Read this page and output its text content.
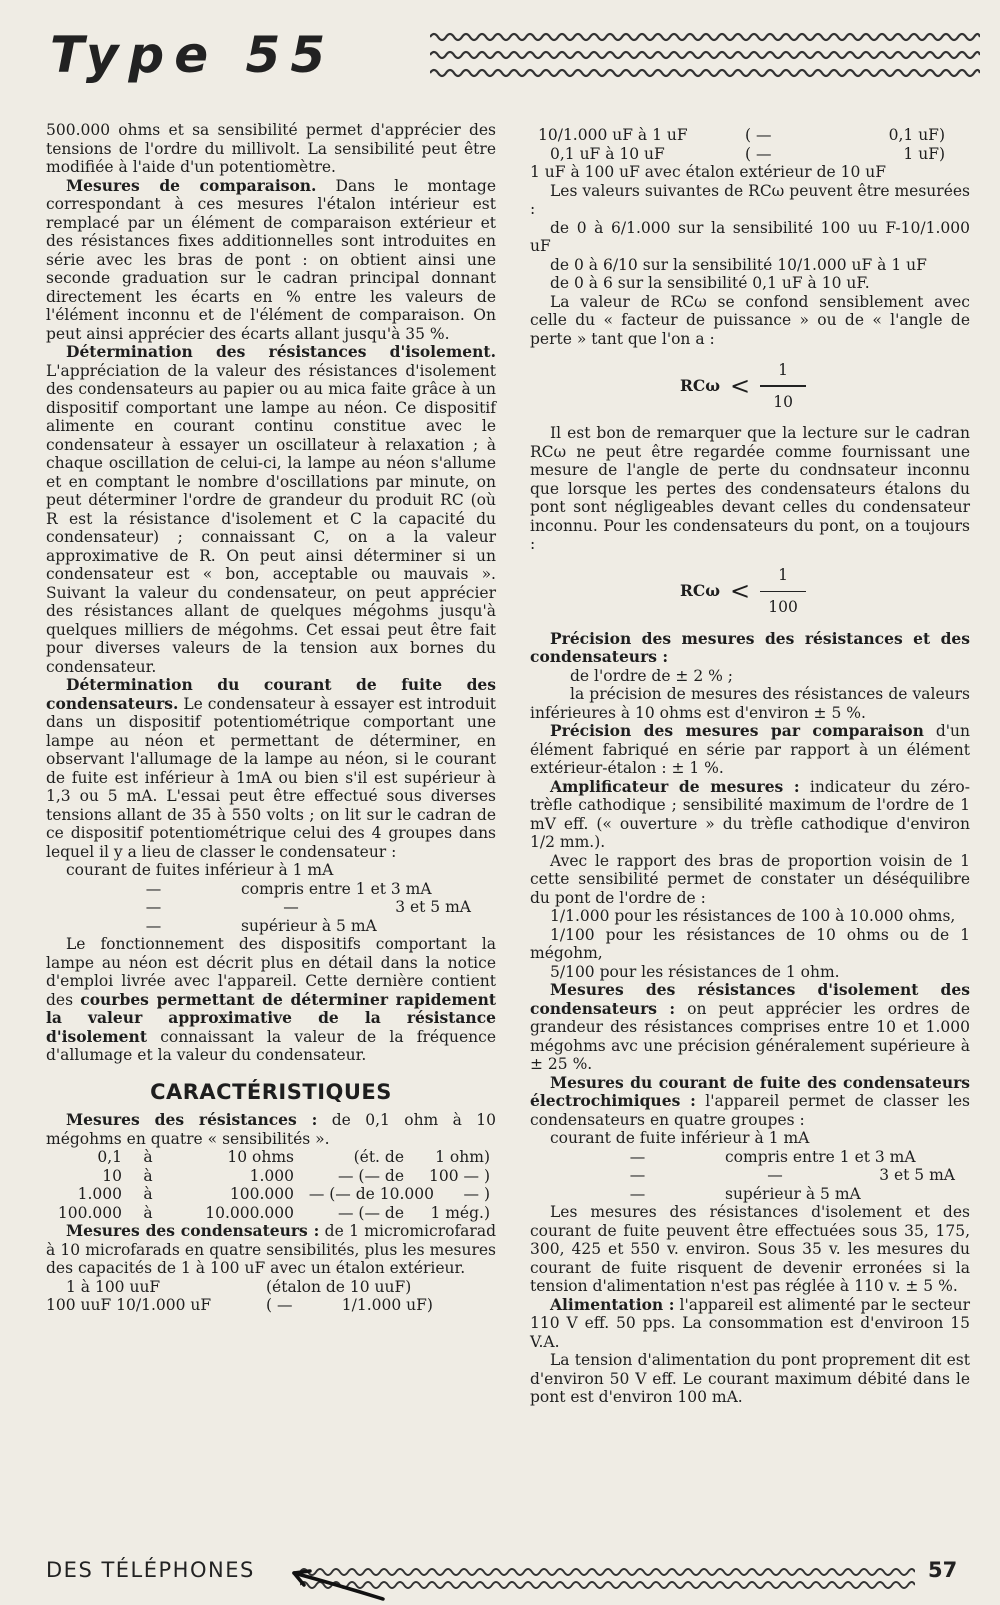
Type 55

500.000 ohms et sa sensibilité permet d'apprécier des tensions de l'ordre du millivolt. La sensibilité peut être modifiée à l'aide d'un potentiomètre.

Mesures de comparaison. Dans le montage correspondant à ces mesures l'étalon intérieur est remplacé par un élément de comparaison extérieur et des résistances fixes additionnelles sont introduites en série avec les bras de pont : on obtient ainsi une seconde graduation sur le cadran principal donnant directement les écarts en % entre les valeurs de l'élément inconnu et de l'élément de comparaison. On peut ainsi apprécier des écarts allant jusqu'à 35 %.

Détermination des résistances d'isolement. L'appréciation de la valeur des résistances d'isolement des condensateurs au papier ou au mica faite grâce à un dispositif comportant une lampe au néon. Ce dispositif alimente en courant continu constitue avec le condensateur à essayer un oscillateur à relaxation ; à chaque oscillation de celui-ci, la lampe au néon s'allume et en comptant le nombre d'oscillations par minute, on peut déterminer l'ordre de grandeur du produit RC (où R est la résistance d'isolement et C la capacité du condensateur) ; connaissant C, on a la valeur approximative de R. On peut ainsi déterminer si un condensateur est « bon, acceptable ou mauvais ». Suivant la valeur du condensateur, on peut apprécier des résistances allant de quelques mégohms jusqu'à quelques milliers de mégohms. Cet essai peut être fait pour diverses valeurs de la tension aux bornes du condensateur.

Détermination du courant de fuite des condensateurs. Le condensateur à essayer est introduit dans un dispositif potentiométrique comportant une lampe au néon et permettant de déterminer, en observant l'allumage de la lampe au néon, si le courant de fuite est inférieur à 1mA ou bien s'il est supérieur à 1,3 ou 5 mA. L'essai peut être effectué sous diverses tensions allant de 35 à 550 volts ; on lit sur le cadran de ce dispositif potentiométrique celui des 4 groupes dans lequel il y a lieu de classer le condensateur :

courant de fuites inférieur à 1 mA
—	compris entre 1 et 3 mA
—	—	3 et 5 mA
—	supérieur à 5 mA

Le fonctionnement des dispositifs comportant la lampe au néon est décrit plus en détail dans la notice d'emploi livrée avec l'appareil. Cette dernière contient des courbes permettant de déterminer rapidement la valeur approximative de la résistance d'isolement connaissant la valeur de la fréquence d'allumage et la valeur du condensateur.

CARACTÉRISTIQUES

Mesures des résistances : de 0,1 ohm à 10 mégohms en quatre « sensibilités ».

0,1	à	10 ohms	(ét. de	1 ohm)
10	à	1.000	— (— de	100 — )
1.000	à	100.000 — (— de 10.000	— )
100.000	à	10.000.000	— (— de	1 még.)

Mesures des condensateurs : de 1 micromicrofarad à 10 microfarads en quatre sensibilités, plus les mesures des capacités de 1 à 100 uF avec un étalon extérieur.

1 à 100 uuF	(étalon de 10 uuF)
100 uuF 10/1.000 uF	( —          1/1.000 uF)
10/1.000 uF à 1 uF	( —	0,1 uF)
0,1 uF à 10 uF	( —	1 uF)

1 uF à 100 uF avec étalon extérieur de 10 uF

Les valeurs suivantes de RCω peuvent être mesurées :

de 0 à 6/1.000 sur la sensibilité 100 uu F-10/1.000 uF

de 0 à 6/10 sur la sensibilité 10/1.000 uF à 1 uF

de 0 à 6 sur la sensibilité 0,1 uF à 10 uF.

La valeur de RCω se confond sensiblement avec celle du « facteur de puissance » ou de « l'angle de perte » tant que l'on a :

RCω <
1
10

Il est bon de remarquer que la lecture sur le cadran RCω ne peut être regardée comme fournissant une mesure de l'angle de perte du condnsateur inconnu que lorsque les pertes des condensateurs étalons du pont sont négligeables devant celles du condensateur inconnu. Pour les condensateurs du pont, on a toujours :

RCω <
1
100

Précision des mesures des résistances et des condensateurs :

de l'ordre de ± 2 % ;

la précision de mesures des résistances de valeurs inférieures à 10 ohms est d'environ ± 5 %.

Précision des mesures par comparaison d'un élément fabriqué en série par rapport à un élément extérieur-étalon : ± 1 %.

Amplificateur de mesures : indicateur du zéro-trèfle cathodique ; sensibilité maximum de l'ordre de 1 mV eff. (« ouverture » du trèfle cathodique d'environ 1/2 mm.).

Avec le rapport des bras de proportion voisin de 1 cette sensibilité permet de constater un déséquilibre du pont de l'ordre de :

1/1.000 pour les résistances de 100 à 10.000 ohms,

1/100 pour les résistances de 10 ohms ou de 1 mégohm,

5/100 pour les résistances de 1 ohm.

Mesures des résistances d'isolement des condensateurs : on peut apprécier les ordres de grandeur des résistances comprises entre 10 et 1.000 mégohms avc une précision généralement supérieure à ± 25 %.

Mesures du courant de fuite des condensateurs électrochimiques : l'appareil permet de classer les condensateurs en quatre groupes :

courant de fuite inférieur à 1 mA
—	compris entre 1 et 3 mA
—	—	3 et 5 mA
—	supérieur à 5 mA

Les mesures des résistances d'isolement et des courant de fuite peuvent être effectuées sous 35, 175, 300, 425 et 550 v. environ. Sous 35 v. les mesures du courant de fuite risquent de devenir erronées si la tension d'alimentation n'est pas réglée à 110 v. ± 5 %.

Alimentation : l'appareil est alimenté par le secteur 110 V eff. 50 pps. La consommation est d'enviroon 15 V.A.

La tension d'alimentation du pont proprement dit est d'environ 50 V eff. Le courant maximum débité dans le pont est d'environ 100 mA.

DES TÉLÉPHONES	57
